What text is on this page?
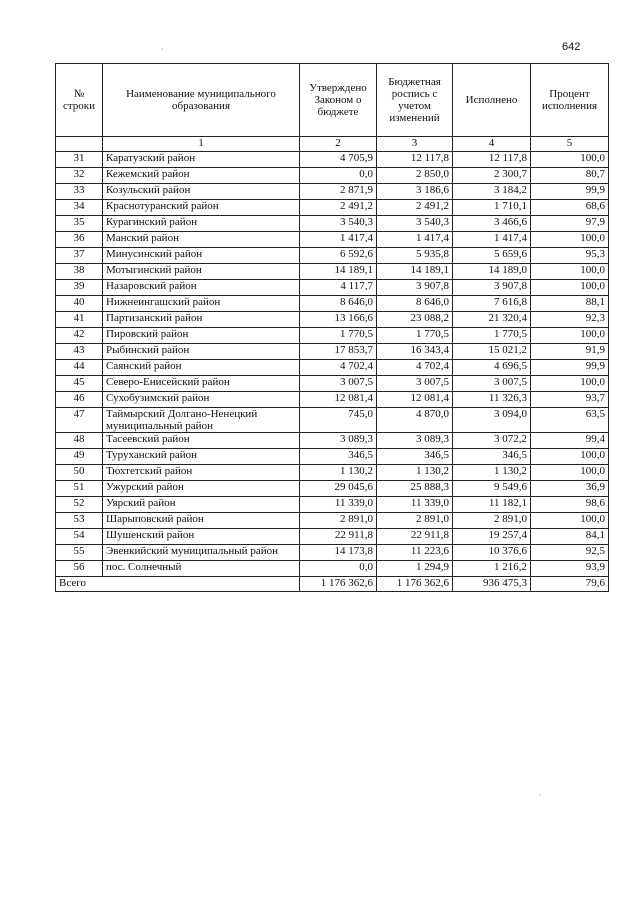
642
№ строки	Наименование муниципального образования	Утверждено Законом о бюджете	Бюджетная роспись с учетом изменений	Исполнено	Процент исполнения
	1	2	3	4	5
31	Каратузский район	4 705,9	12 117,8	12 117,8	100,0
32	Кежемский район	0,0	2 850,0	2 300,7	80,7
33	Козульский район	2 871,9	3 186,6	3 184,2	99,9
34	Краснотуранский район	2 491,2	2 491,2	1 710,1	68,6
35	Курагинский район	3 540,3	3 540,3	3 466,6	97,9
36	Манский район	1 417,4	1 417,4	1 417,4	100,0
37	Минусинский район	6 592,6	5 935,8	5 659,6	95,3
38	Мотыгинский район	14 189,1	14 189,1	14 189,0	100,0
39	Назаровский район	4 117,7	3 907,8	3 907,8	100,0
40	Нижнеингашский район	8 646,0	8 646,0	7 616,8	88,1
41	Партизанский район	13 166,6	23 088,2	21 320,4	92,3
42	Пировский район	1 770,5	1 770,5	1 770,5	100,0
43	Рыбинский район	17 853,7	16 343,4	15 021,2	91,9
44	Саянский район	4 702,4	4 702,4	4 696,5	99,9
45	Северо-Енисейский район	3 007,5	3 007,5	3 007,5	100,0
46	Сухобузимский район	12 081,4	12 081,4	11 326,3	93,7
47	Таймырский Долгано-Ненецкий муниципальный район	745,0	4 870,0	3 094,0	63,5
48	Тасеевский район	3 089,3	3 089,3	3 072,2	99,4
49	Туруханский район	346,5	346,5	346,5	100,0
50	Тюхтетский район	1 130,2	1 130,2	1 130,2	100,0
51	Ужурский район	29 045,6	25 888,3	9 549,6	36,9
52	Уярский район	11 339,0	11 339,0	11 182,1	98,6
53	Шарыповский район	2 891,0	2 891,0	2 891,0	100,0
54	Шушенский район	22 911,8	22 911,8	19 257,4	84,1
55	Эвенкийский муниципальный район	14 173,8	11 223,6	10 376,6	92,5
56	пос. Солнечный	0,0	1 294,9	1 216,2	93,9
Всего		1 176 362,6	1 176 362,6	936 475,3	79,6
·
·
